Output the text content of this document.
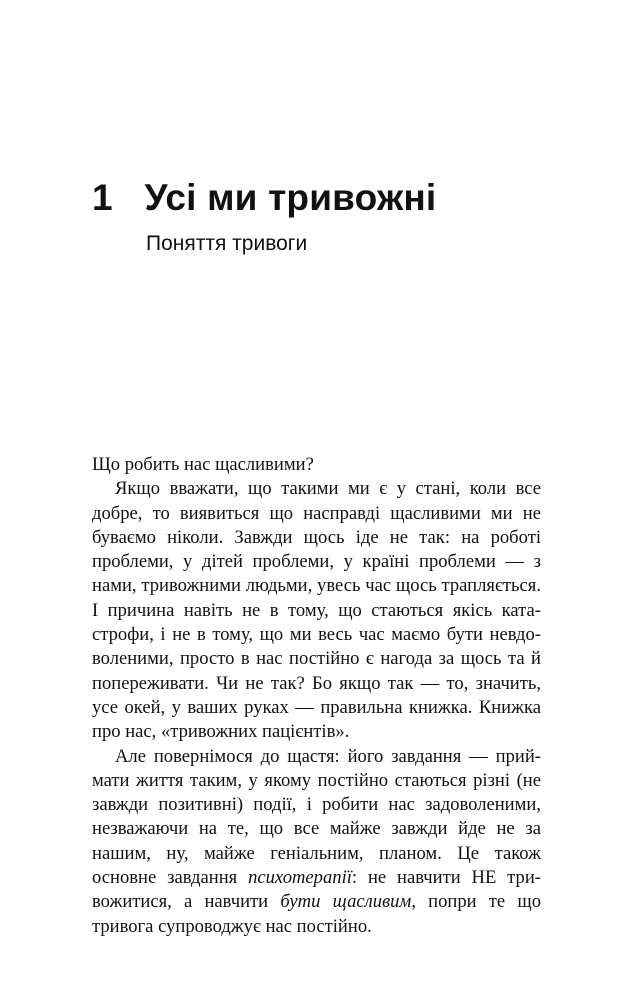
1 Усі ми тривожні
Поняття тривоги

Що робить нас щасливими?

Якщо вважати, що такими ми є у стані, коли все добре, то виявиться що насправді щасливими ми не буваємо ніколи. Завжди щось іде не так: на роботі проблеми, у дітей проблеми, у країні проблеми — з нами, тривожними людьми, увесь час щось трапляється. І причина навіть не в тому, що стаються якісь катастрофи, і не в тому, що ми весь час маємо бути невдоволеними, просто в нас постійно є нагода за щось та й попереживати. Чи не так? Бо якщо так — то, значить, усе окей, у ваших руках — правильна книжка. Книжка про нас, «тривожних пацієнтів».

Але повернімося до щастя: його завдання — приймати життя таким, у якому постійно стаються різні (не завжди позитивні) події, і робити нас задоволеними, незважаючи на те, що все майже завжди йде не за нашим, ну, майже геніальним, планом. Це також основне завдання психотерапії: не навчити НЕ тривожитися, а навчити бути щасливим, попри те що тривога супроводжує нас постійно.
